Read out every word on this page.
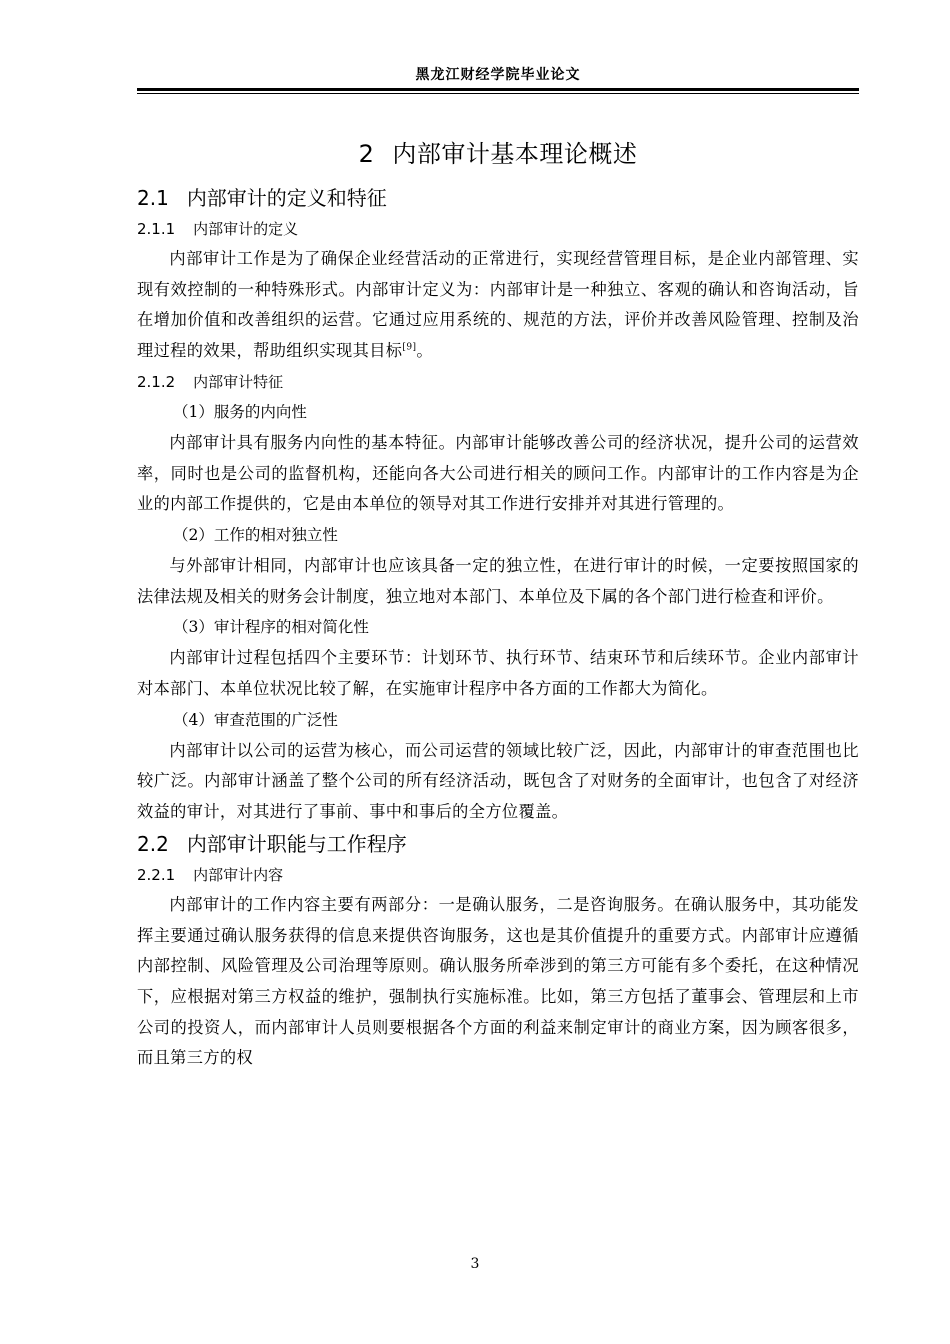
黑龙江财经学院毕业论文
2 内部审计基本理论概述
2.1 内部审计的定义和特征
2.1.1 内部审计的定义

内部审计工作是为了确保企业经营活动的正常进行，实现经营管理目标，是企业内部管理、实现有效控制的一种特殊形式。内部审计定义为：内部审计是一种独立、客观的确认和咨询活动，旨在增加价值和改善组织的运营。它通过应用系统的、规范的方法，评价并改善风险管理、控制及治理过程的效果，帮助组织实现其目标[9]。

2.1.2 内部审计特征
（1）服务的内向性

内部审计具有服务内向性的基本特征。内部审计能够改善公司的经济状况，提升公司的运营效率，同时也是公司的监督机构，还能向各大公司进行相关的顾问工作。内部审计的工作内容是为企业的内部工作提供的，它是由本单位的领导对其工作进行安排并对其进行管理的。

（2）工作的相对独立性

与外部审计相同，内部审计也应该具备一定的独立性，在进行审计的时候，一定要按照国家的法律法规及相关的财务会计制度，独立地对本部门、本单位及下属的各个部门进行检查和评价。

（3）审计程序的相对简化性

内部审计过程包括四个主要环节：计划环节、执行环节、结束环节和后续环节。企业内部审计对本部门、本单位状况比较了解，在实施审计程序中各方面的工作都大为简化。

（4）审查范围的广泛性

内部审计以公司的运营为核心，而公司运营的领域比较广泛，因此，内部审计的审查范围也比较广泛。内部审计涵盖了整个公司的所有经济活动，既包含了对财务的全面审计，也包含了对经济效益的审计，对其进行了事前、事中和事后的全方位覆盖。

2.2 内部审计职能与工作程序
2.2.1 内部审计内容

内部审计的工作内容主要有两部分：一是确认服务，二是咨询服务。在确认服务中，其功能发挥主要通过确认服务获得的信息来提供咨询服务，这也是其价值提升的重要方式。内部审计应遵循内部控制、风险管理及公司治理等原则。确认服务所牵涉到的第三方可能有多个委托，在这种情况下，应根据对第三方权益的维护，强制执行实施标准。比如，第三方包括了董事会、管理层和上市公司的投资人，而内部审计人员则要根据各个方面的利益来制定审计的商业方案，因为顾客很多，而且第三方的权

3
